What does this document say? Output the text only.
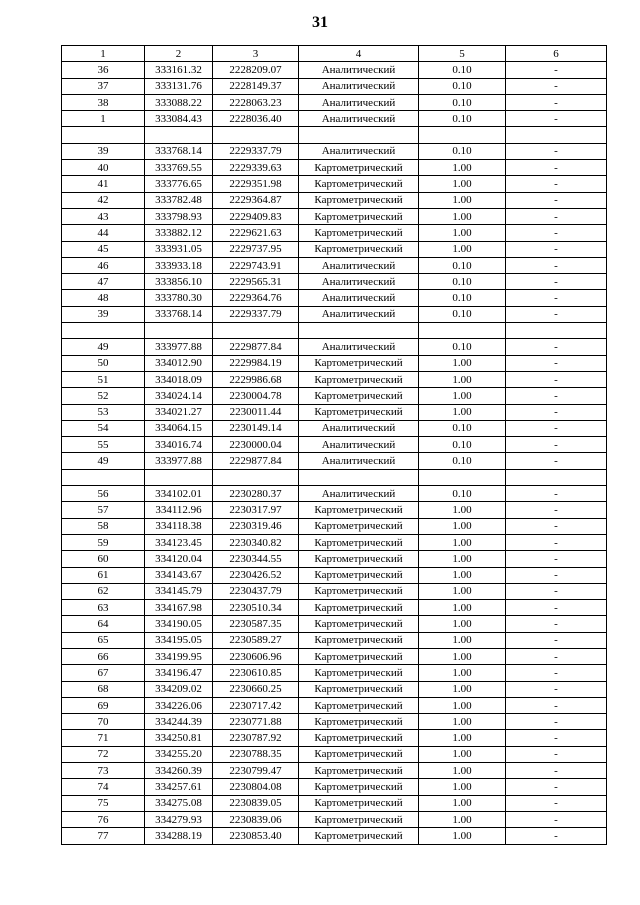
31
1	2	3	4	5	6
36	333161.32	2228209.07	Аналитический	0.10	-
37	333131.76	2228149.37	Аналитический	0.10	-
38	333088.22	2228063.23	Аналитический	0.10	-
1	333084.43	2228036.40	Аналитический	0.10	-

39	333768.14	2229337.79	Аналитический	0.10	-
40	333769.55	2229339.63	Картометрический	1.00	-
41	333776.65	2229351.98	Картометрический	1.00	-
42	333782.48	2229364.87	Картометрический	1.00	-
43	333798.93	2229409.83	Картометрический	1.00	-
44	333882.12	2229621.63	Картометрический	1.00	-
45	333931.05	2229737.95	Картометрический	1.00	-
46	333933.18	2229743.91	Аналитический	0.10	-
47	333856.10	2229565.31	Аналитический	0.10	-
48	333780.30	2229364.76	Аналитический	0.10	-
39	333768.14	2229337.79	Аналитический	0.10	-

49	333977.88	2229877.84	Аналитический	0.10	-
50	334012.90	2229984.19	Картометрический	1.00	-
51	334018.09	2229986.68	Картометрический	1.00	-
52	334024.14	2230004.78	Картометрический	1.00	-
53	334021.27	2230011.44	Картометрический	1.00	-
54	334064.15	2230149.14	Аналитический	0.10	-
55	334016.74	2230000.04	Аналитический	0.10	-
49	333977.88	2229877.84	Аналитический	0.10	-

56	334102.01	2230280.37	Аналитический	0.10	-
57	334112.96	2230317.97	Картометрический	1.00	-
58	334118.38	2230319.46	Картометрический	1.00	-
59	334123.45	2230340.82	Картометрический	1.00	-
60	334120.04	2230344.55	Картометрический	1.00	-
61	334143.67	2230426.52	Картометрический	1.00	-
62	334145.79	2230437.79	Картометрический	1.00	-
63	334167.98	2230510.34	Картометрический	1.00	-
64	334190.05	2230587.35	Картометрический	1.00	-
65	334195.05	2230589.27	Картометрический	1.00	-
66	334199.95	2230606.96	Картометрический	1.00	-
67	334196.47	2230610.85	Картометрический	1.00	-
68	334209.02	2230660.25	Картометрический	1.00	-
69	334226.06	2230717.42	Картометрический	1.00	-
70	334244.39	2230771.88	Картометрический	1.00	-
71	334250.81	2230787.92	Картометрический	1.00	-
72	334255.20	2230788.35	Картометрический	1.00	-
73	334260.39	2230799.47	Картометрический	1.00	-
74	334257.61	2230804.08	Картометрический	1.00	-
75	334275.08	2230839.05	Картометрический	1.00	-
76	334279.93	2230839.06	Картометрический	1.00	-
77	334288.19	2230853.40	Картометрический	1.00	-
